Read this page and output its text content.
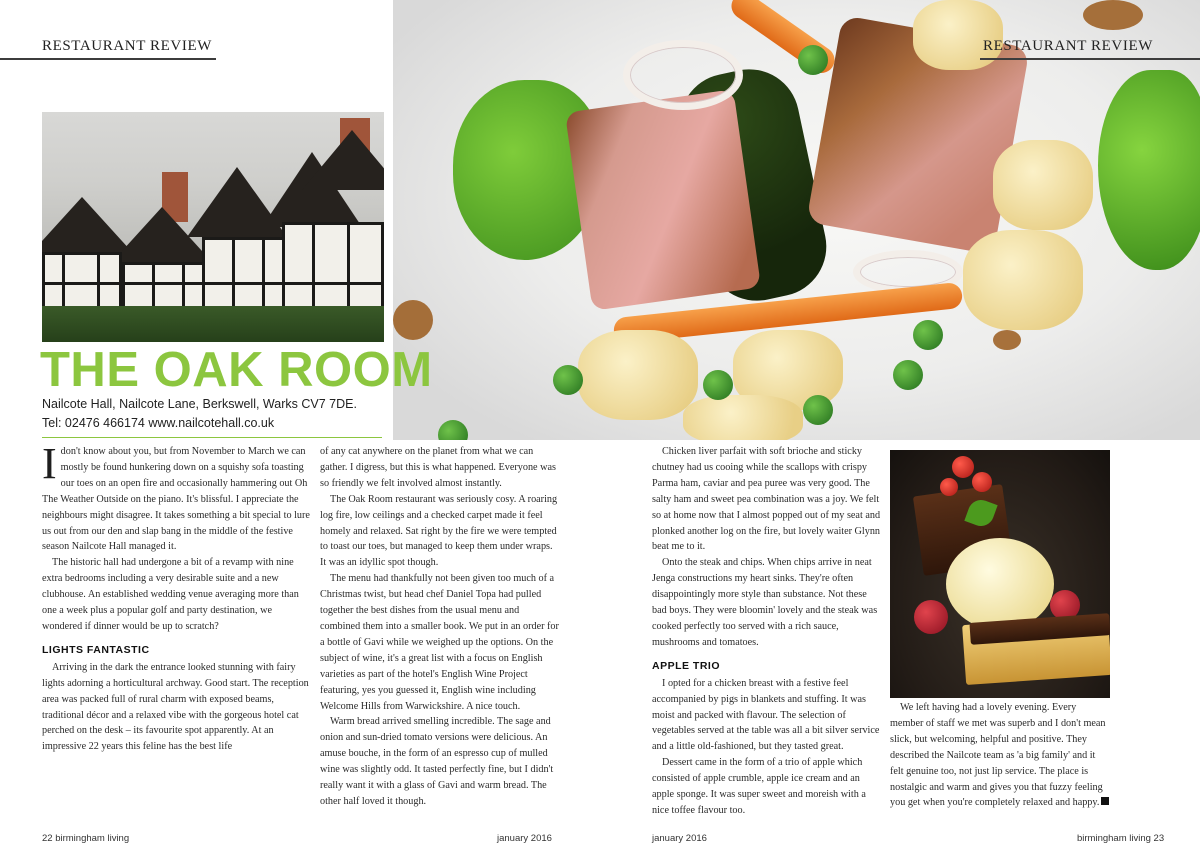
RESTAURANT REVIEW	RESTAURANT REVIEW
THE OAK ROOM
Nailcote Hall, Nailcote Lane, Berkswell, Warks CV7 7DE.
Tel: 02476 466174 www.nailcotehall.co.uk

I don't know about you, but from November to March we can mostly be found hunkering down on a squishy sofa toasting our toes on an open fire and occasionally hammering out Oh The Weather Outside on the piano. It's blissful. I appreciate the neighbours might disagree. It takes something a bit special to lure us out from our den and slap bang in the middle of the festive season Nailcote Hall managed it.

The historic hall had undergone a bit of a revamp with nine extra bedrooms including a very desirable suite and a new clubhouse. An established wedding venue averaging more than one a week plus a popular golf and party destination, we wondered if dinner would be up to scratch?

LIGHTS FANTASTIC

Arriving in the dark the entrance looked stunning with fairy lights adorning a horticultural archway. Good start. The reception area was packed full of rural charm with exposed beams, traditional décor and a relaxed vibe with the gorgeous hotel cat perched on the desk – its favourite spot apparently. At an impressive 22 years this feline has the best life

of any cat anywhere on the planet from what we can gather. I digress, but this is what happened. Everyone was so friendly we felt involved almost instantly.

The Oak Room restaurant was seriously cosy. A roaring log fire, low ceilings and a checked carpet made it feel homely and relaxed. Sat right by the fire we were tempted to toast our toes, but managed to keep them under wraps. It was an idyllic spot though.

The menu had thankfully not been given too much of a Christmas twist, but head chef Daniel Topa had pulled together the best dishes from the usual menu and combined them into a smaller book. We put in an order for a bottle of Gavi while we weighed up the options. On the subject of wine, it's a great list with a focus on English varieties as part of the hotel's English Wine Project featuring, yes you guessed it, English wine including Welcome Hills from Warwickshire. A nice touch.

Warm bread arrived smelling incredible. The sage and onion and sun-dried tomato versions were delicious. An amuse bouche, in the form of an espresso cup of mulled wine was slightly odd. It tasted perfectly fine, but I didn't really want it with a glass of Gavi and warm bread. The other half loved it though.

Chicken liver parfait with soft brioche and sticky chutney had us cooing while the scallops with crispy Parma ham, caviar and pea puree was very good. The salty ham and sweet pea combination was a joy. We felt so at home now that I almost popped out of my seat and plonked another log on the fire, but lovely waiter Glynn beat me to it.

Onto the steak and chips. When chips arrive in neat Jenga constructions my heart sinks. They're often disappointingly more style than substance. Not these bad boys. They were bloomin' lovely and the steak was cooked perfectly too served with a rich sauce, mushrooms and tomatoes.

APPLE TRIO

I opted for a chicken breast with a festive feel accompanied by pigs in blankets and stuffing. It was moist and packed with flavour. The selection of vegetables served at the table was all a bit silver service and a little old-fashioned, but they tasted great.

Dessert came in the form of a trio of apple which consisted of apple crumble, apple ice cream and an apple sponge. It was super sweet and moreish with a nice toffee flavour too.

We left having had a lovely evening. Every member of staff we met was superb and I don't mean slick, but welcoming, helpful and positive. They described the Nailcote team as 'a big family' and it felt genuine too, not just lip service. The place is nostalgic and warm and gives you that fuzzy feeling you get when you're completely relaxed and happy.

22 birmingham living	january 2016	january 2016	birmingham living 23
